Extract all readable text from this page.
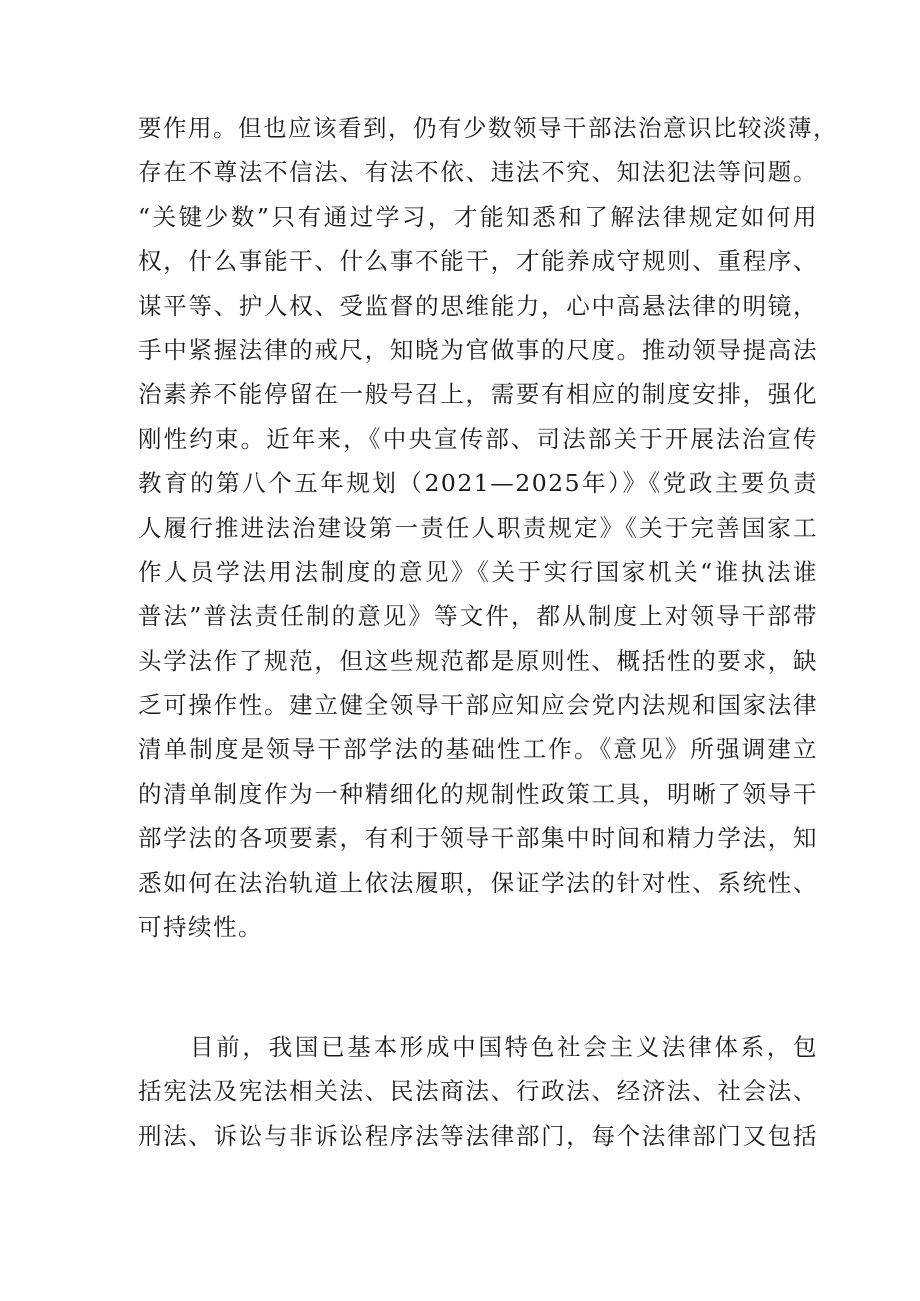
要作用。但也应该看到，仍有少数领导干部法治意识比较淡薄，
存在不尊法不信法、有法不依、违法不究、知法犯法等问题。
“关键少数”只有通过学习，才能知悉和了解法律规定如何用
权，什么事能干、什么事不能干，才能养成守规则、重程序、
谋平等、护人权、受监督的思维能力，心中高悬法律的明镜，
手中紧握法律的戒尺，知晓为官做事的尺度。推动领导提高法
治素养不能停留在一般号召上，需要有相应的制度安排，强化
刚性约束。近年来，《中央宣传部、司法部关于开展法治宣传
教育的第八个五年规划（2021—2025年）》《党政主要负责
人履行推进法治建设第一责任人职责规定》《关于完善国家工
作人员学法用法制度的意见》《关于实行国家机关“谁执法谁
普法”普法责任制的意见》等文件，都从制度上对领导干部带
头学法作了规范，但这些规范都是原则性、概括性的要求，缺
乏可操作性。建立健全领导干部应知应会党内法规和国家法律
清单制度是领导干部学法的基础性工作。《意见》所强调建立
的清单制度作为一种精细化的规制性政策工具，明晰了领导干
部学法的各项要素，有利于领导干部集中时间和精力学法，知
悉如何在法治轨道上依法履职，保证学法的针对性、系统性、
可持续性。
目前，我国已基本形成中国特色社会主义法律体系，包
括宪法及宪法相关法、民法商法、行政法、经济法、社会法、
刑法、诉讼与非诉讼程序法等法律部门，每个法律部门又包括
